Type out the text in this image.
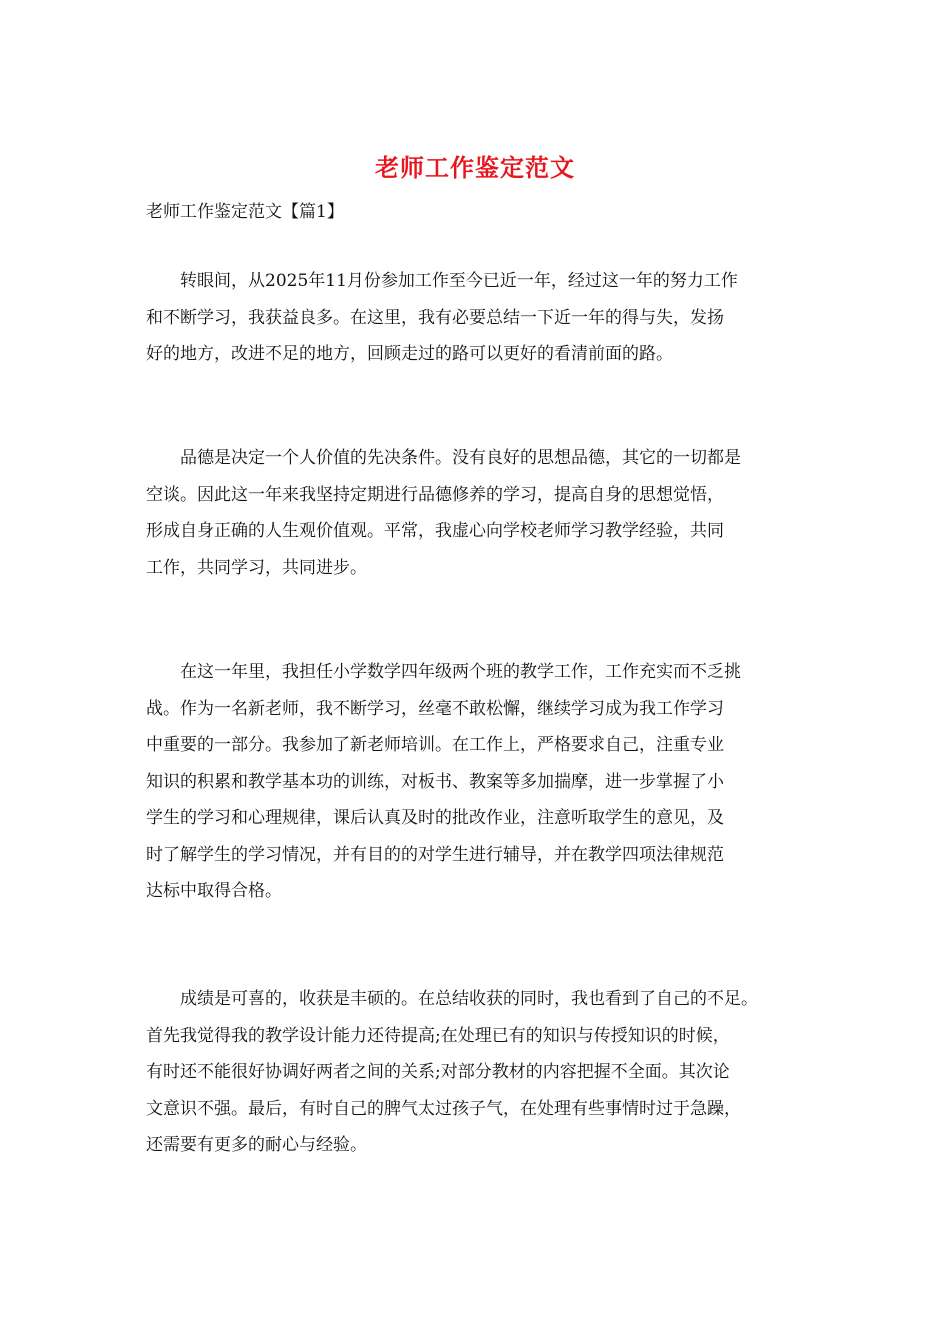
老师工作鉴定范文
老师工作鉴定范文【篇1】
转眼间，从2025年11月份参加工作至今已近一年，经过这一年的努力工作
和不断学习，我获益良多。在这里，我有必要总结一下近一年的得与失，发扬
好的地方，改进不足的地方，回顾走过的路可以更好的看清前面的路。
品德是决定一个人价值的先决条件。没有良好的思想品德，其它的一切都是
空谈。因此这一年来我坚持定期进行品德修养的学习，提高自身的思想觉悟，
形成自身正确的人生观价值观。平常，我虚心向学校老师学习教学经验，共同
工作，共同学习，共同进步。
在这一年里，我担任小学数学四年级两个班的教学工作，工作充实而不乏挑
战。作为一名新老师，我不断学习，丝毫不敢松懈，继续学习成为我工作学习
中重要的一部分。我参加了新老师培训。在工作上，严格要求自己，注重专业
知识的积累和教学基本功的训练，对板书、教案等多加揣摩，进一步掌握了小
学生的学习和心理规律，课后认真及时的批改作业，注意听取学生的意见，及
时了解学生的学习情况，并有目的的对学生进行辅导，并在教学四项法律规范
达标中取得合格。
成绩是可喜的，收获是丰硕的。在总结收获的同时，我也看到了自己的不足。
首先我觉得我的教学设计能力还待提高;在处理已有的知识与传授知识的时候，
有时还不能很好协调好两者之间的关系;对部分教材的内容把握不全面。其次论
文意识不强。最后，有时自己的脾气太过孩子气，在处理有些事情时过于急躁，
还需要有更多的耐心与经验。
